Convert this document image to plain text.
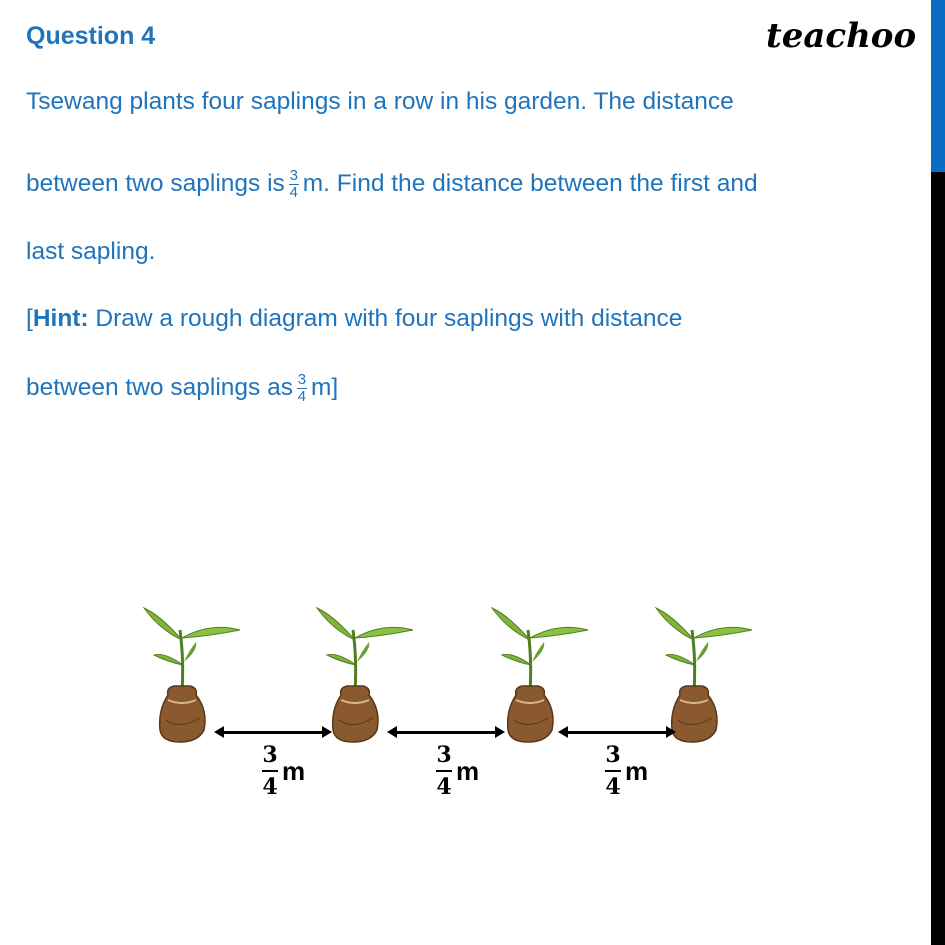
Question 4	teachoo
Tsewang plants four saplings in a row in his garden. The distance
between two saplings is $\frac{3}{4} m$. Find the distance between the first and
last sapling.
[Hint: Draw a rough diagram with four saplings with distance
between two saplings as $\frac{3}{4} m$]
3
4
m
3
4
m
3
4
m
